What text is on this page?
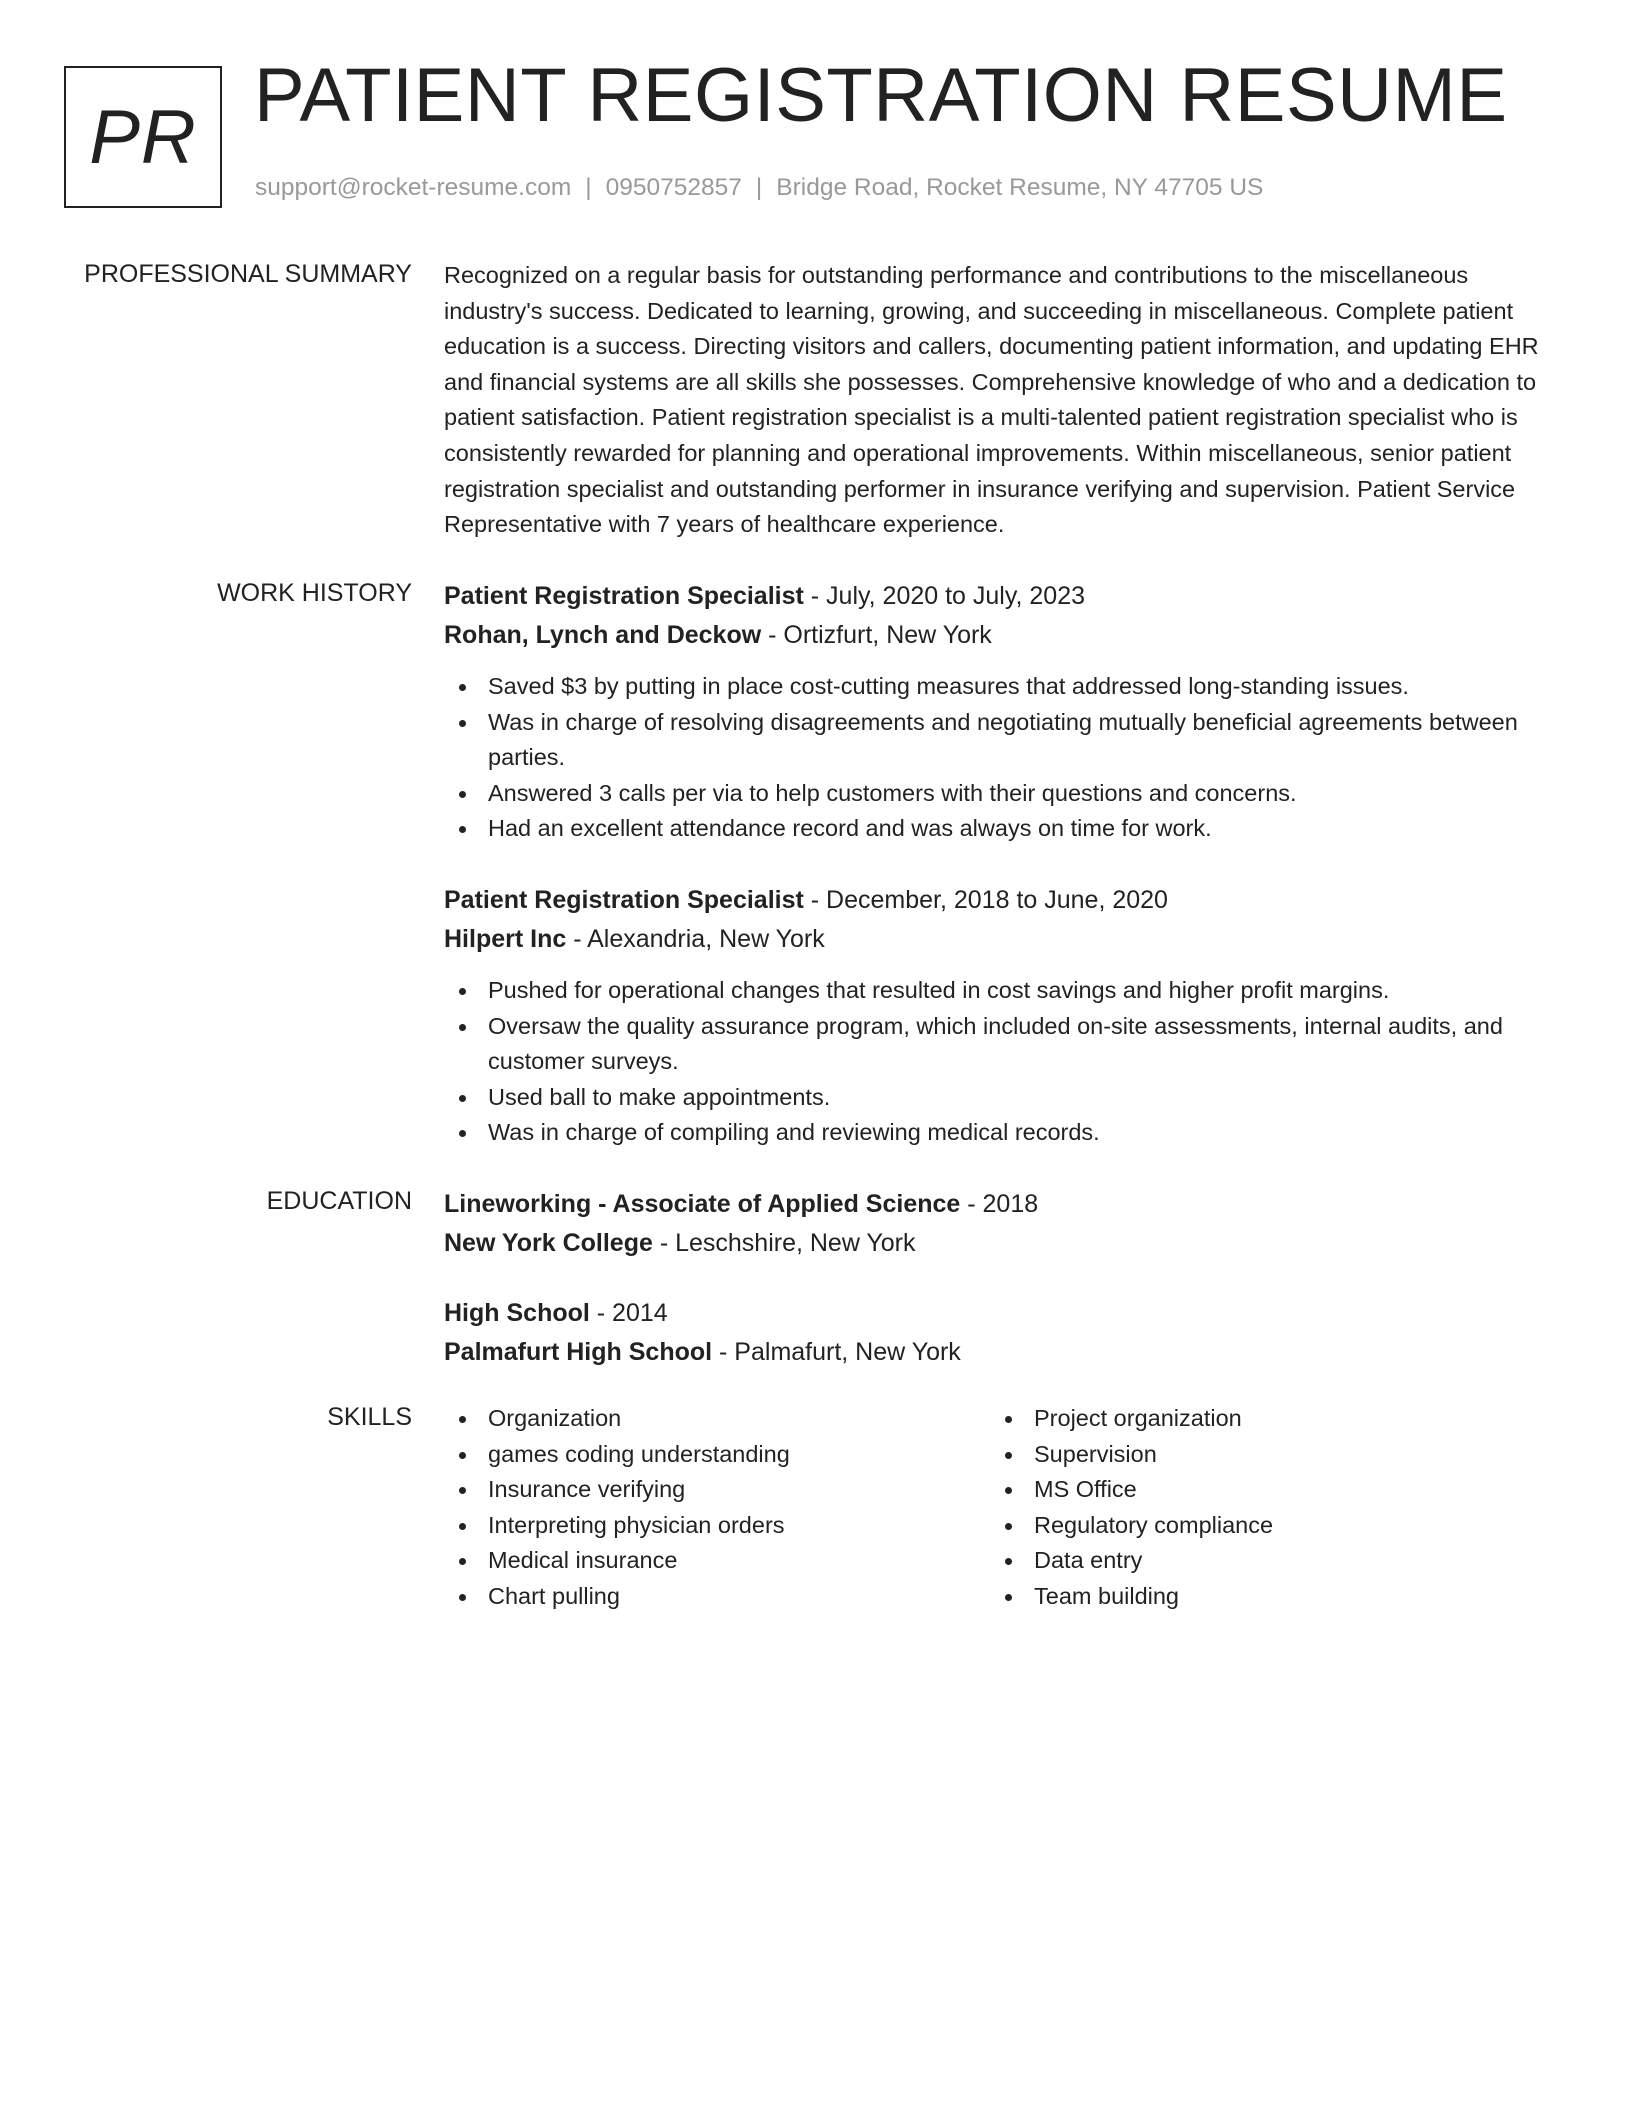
PR PATIENT REGISTRATION RESUME
support@rocket-resume.com | 0950752857 | Bridge Road, Rocket Resume, NY 47705 US
PROFESSIONAL SUMMARY Recognized on a regular basis for outstanding performance and contributions to the miscellaneous industry's success. Dedicated to learning, growing, and succeeding in miscellaneous. Complete patient education is a success. Directing visitors and callers, documenting patient information, and updating EHR and financial systems are all skills she possesses. Comprehensive knowledge of who and a dedication to patient satisfaction. Patient registration specialist is a multi-talented patient registration specialist who is consistently rewarded for planning and operational improvements. Within miscellaneous, senior patient registration specialist and outstanding performer in insurance verifying and supervision. Patient Service Representative with 7 years of healthcare experience.
WORK HISTORY Patient Registration Specialist - July, 2020 to July, 2023
Rohan, Lynch and Deckow - Ortizfurt, New York
Saved $3 by putting in place cost-cutting measures that addressed long-standing issues.
Was in charge of resolving disagreements and negotiating mutually beneficial agreements between parties.
Answered 3 calls per via to help customers with their questions and concerns.
Had an excellent attendance record and was always on time for work.
Patient Registration Specialist - December, 2018 to June, 2020
Hilpert Inc - Alexandria, New York
Pushed for operational changes that resulted in cost savings and higher profit margins.
Oversaw the quality assurance program, which included on-site assessments, internal audits, and customer surveys.
Used ball to make appointments.
Was in charge of compiling and reviewing medical records.
EDUCATION Lineworking - Associate of Applied Science - 2018
New York College - Leschshire, New York
High School - 2014
Palmafurt High School - Palmafurt, New York
SKILLS	Organization
games coding understanding
Insurance verifying
Interpreting physician orders
Medical insurance
Chart pulling
Project organization
Supervision
MS Office
Regulatory compliance
Data entry
Team building
